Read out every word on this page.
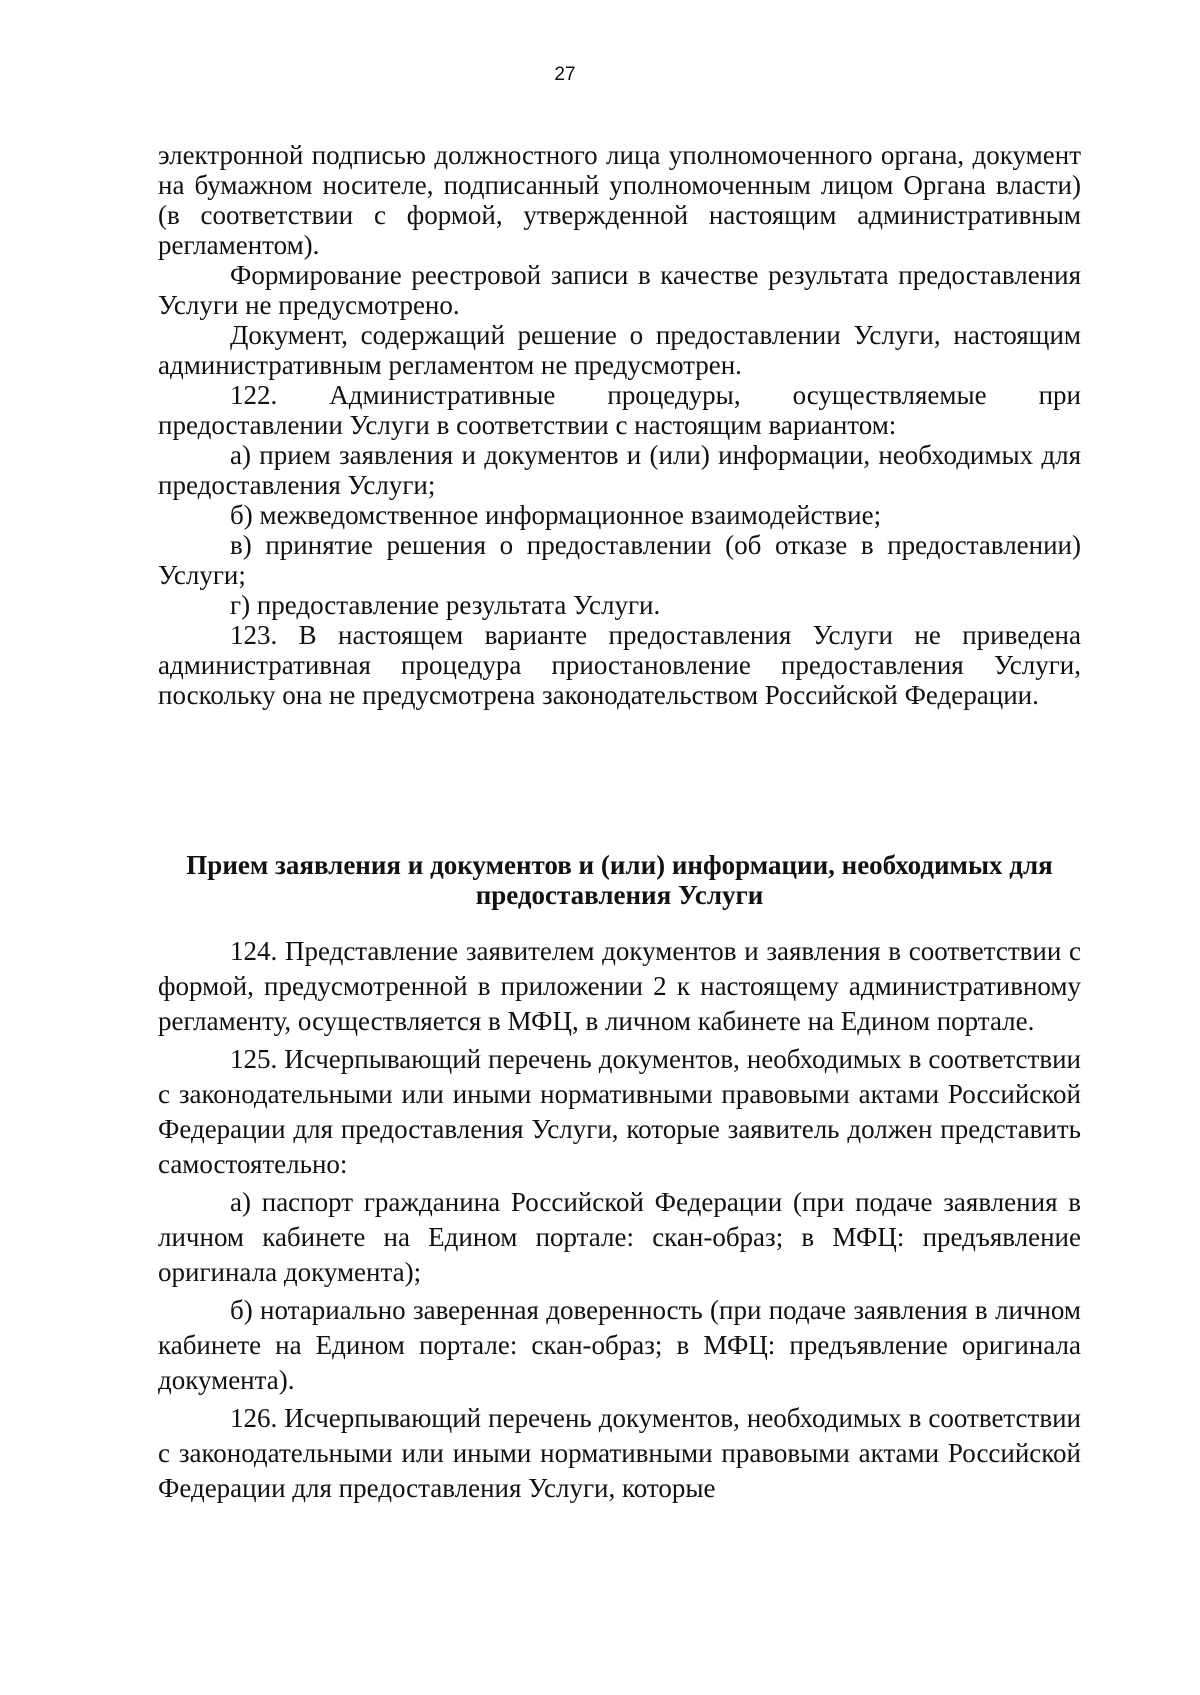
27

электронной подписью должностного лица уполномоченного органа, документ на бумажном носителе, подписанный уполномоченным лицом Органа власти) (в соответствии с формой, утвержденной настоящим административным регламентом).

Формирование реестровой записи в качестве результата предоставления Услуги не предусмотрено.

Документ, содержащий решение о предоставлении Услуги, настоящим административным регламентом не предусмотрен.

122. Административные процедуры, осуществляемые при предоставлении Услуги в соответствии с настоящим вариантом:

а) прием заявления и документов и (или) информации, необходимых для предоставления Услуги;

б) межведомственное информационное взаимодействие;

в) принятие решения о предоставлении (об отказе в предоставлении) Услуги;

г) предоставление результата Услуги.

123. В настоящем варианте предоставления Услуги не приведена административная процедура приостановление предоставления Услуги, поскольку она не предусмотрена законодательством Российской Федерации.

Прием заявления и документов и (или) информации, необходимых для
предоставления Услуги

124. Представление заявителем документов и заявления в соответствии с формой, предусмотренной в приложении 2 к настоящему административному регламенту, осуществляется в МФЦ, в личном кабинете на Едином портале.

125. Исчерпывающий перечень документов, необходимых в соответствии с законодательными или иными нормативными правовыми актами Российской Федерации для предоставления Услуги, которые заявитель должен представить самостоятельно:

а) паспорт гражданина Российской Федерации (при подаче заявления в личном кабинете на Едином портале: скан-образ; в МФЦ: предъявление оригинала документа);

б) нотариально заверенная доверенность (при подаче заявления в личном кабинете на Едином портале: скан-образ; в МФЦ: предъявление оригинала документа).

126. Исчерпывающий перечень документов, необходимых в соответствии с законодательными или иными нормативными правовыми актами Российской Федерации для предоставления Услуги, которые
